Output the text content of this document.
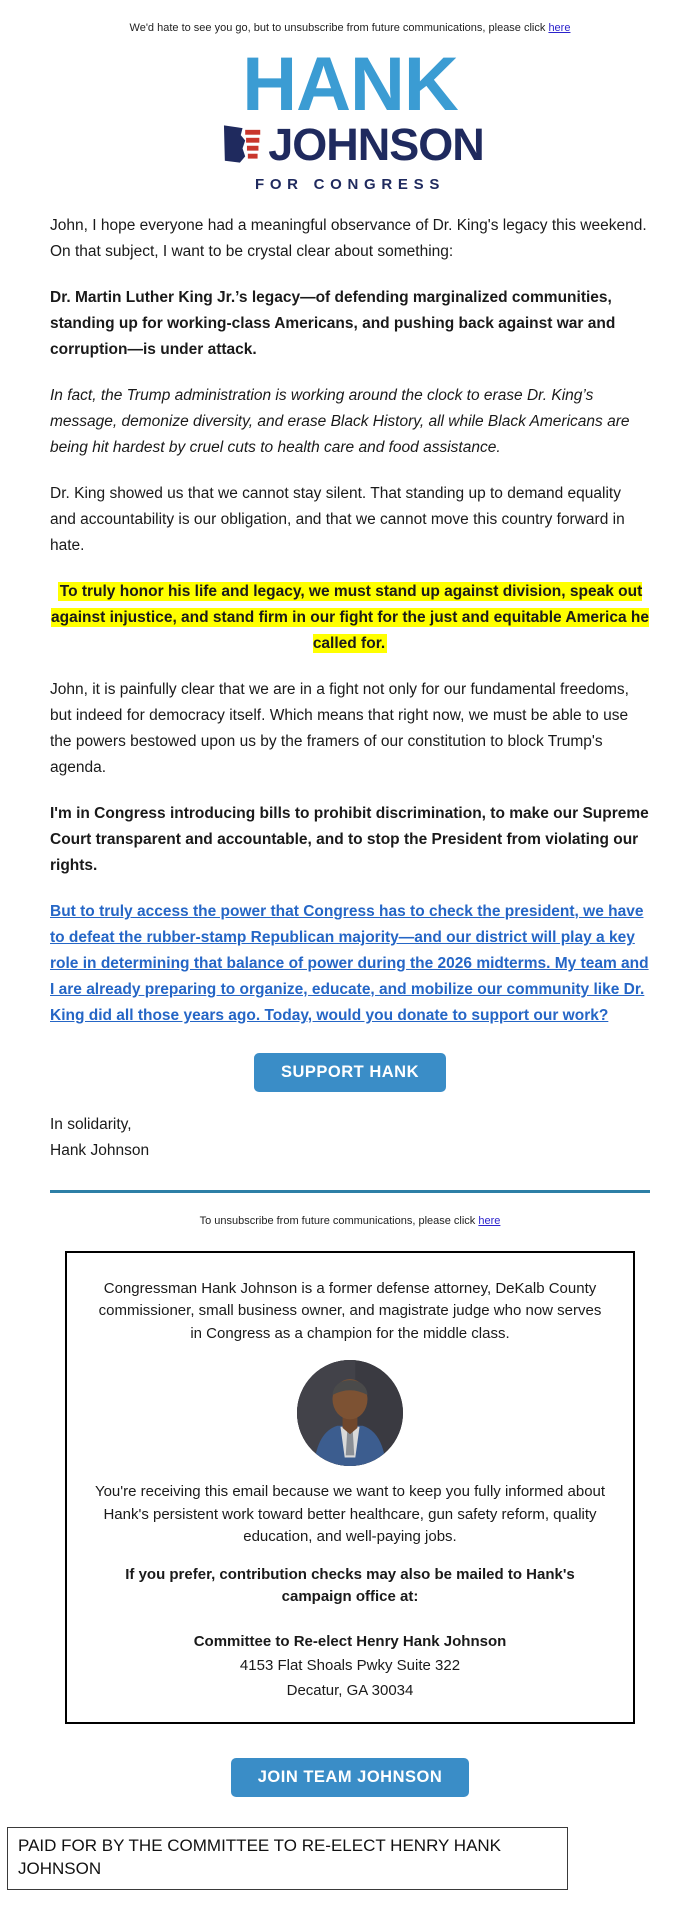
We'd hate to see you go, but to unsubscribe from future communications, please click here

HANK
JOHNSON
FOR CONGRESS

John, I hope everyone had a meaningful observance of Dr. King's legacy this weekend. On that subject, I want to be crystal clear about something:

Dr. Martin Luther King Jr.’s legacy—of defending marginalized communities, standing up for working-class Americans, and pushing back against war and corruption—is under attack.

In fact, the Trump administration is working around the clock to erase Dr. King’s message, demonize diversity, and erase Black History, all while Black Americans are being hit hardest by cruel cuts to health care and food assistance.

Dr. King showed us that we cannot stay silent. That standing up to demand equality and accountability is our obligation, and that we cannot move this country forward in hate.

To truly honor his life and legacy, we must stand up against division, speak out against injustice, and stand firm in our fight for the just and equitable America he called for.

John, it is painfully clear that we are in a fight not only for our fundamental freedoms, but indeed for democracy itself. Which means that right now, we must be able to use the powers bestowed upon us by the framers of our constitution to block Trump's agenda.

I'm in Congress introducing bills to prohibit discrimination, to make our Supreme Court transparent and accountable, and to stop the President from violating our rights.

But to truly access the power that Congress has to check the president, we have to defeat the rubber-stamp Republican majority—and our district will play a key role in determining that balance of power during the 2026 midterms. My team and I are already preparing to organize, educate, and mobilize our community like Dr. King did all those years ago. Today, would you donate to support our work?

SUPPORT HANK

In solidarity,
Hank Johnson

To unsubscribe from future communications, please click here

Congressman Hank Johnson is a former defense attorney, DeKalb County commissioner, small business owner, and magistrate judge who now serves in Congress as a champion for the middle class.

You're receiving this email because we want to keep you fully informed about Hank's persistent work toward better healthcare, gun safety reform, quality education, and well-paying jobs.

If you prefer, contribution checks may also be mailed to Hank's campaign office at:

Committee to Re-elect Henry Hank Johnson

4153 Flat Shoals Pwky Suite 322

Decatur, GA 30034

JOIN TEAM JOHNSON
PAID FOR BY THE COMMITTEE TO RE-ELECT HENRY HANK JOHNSON
